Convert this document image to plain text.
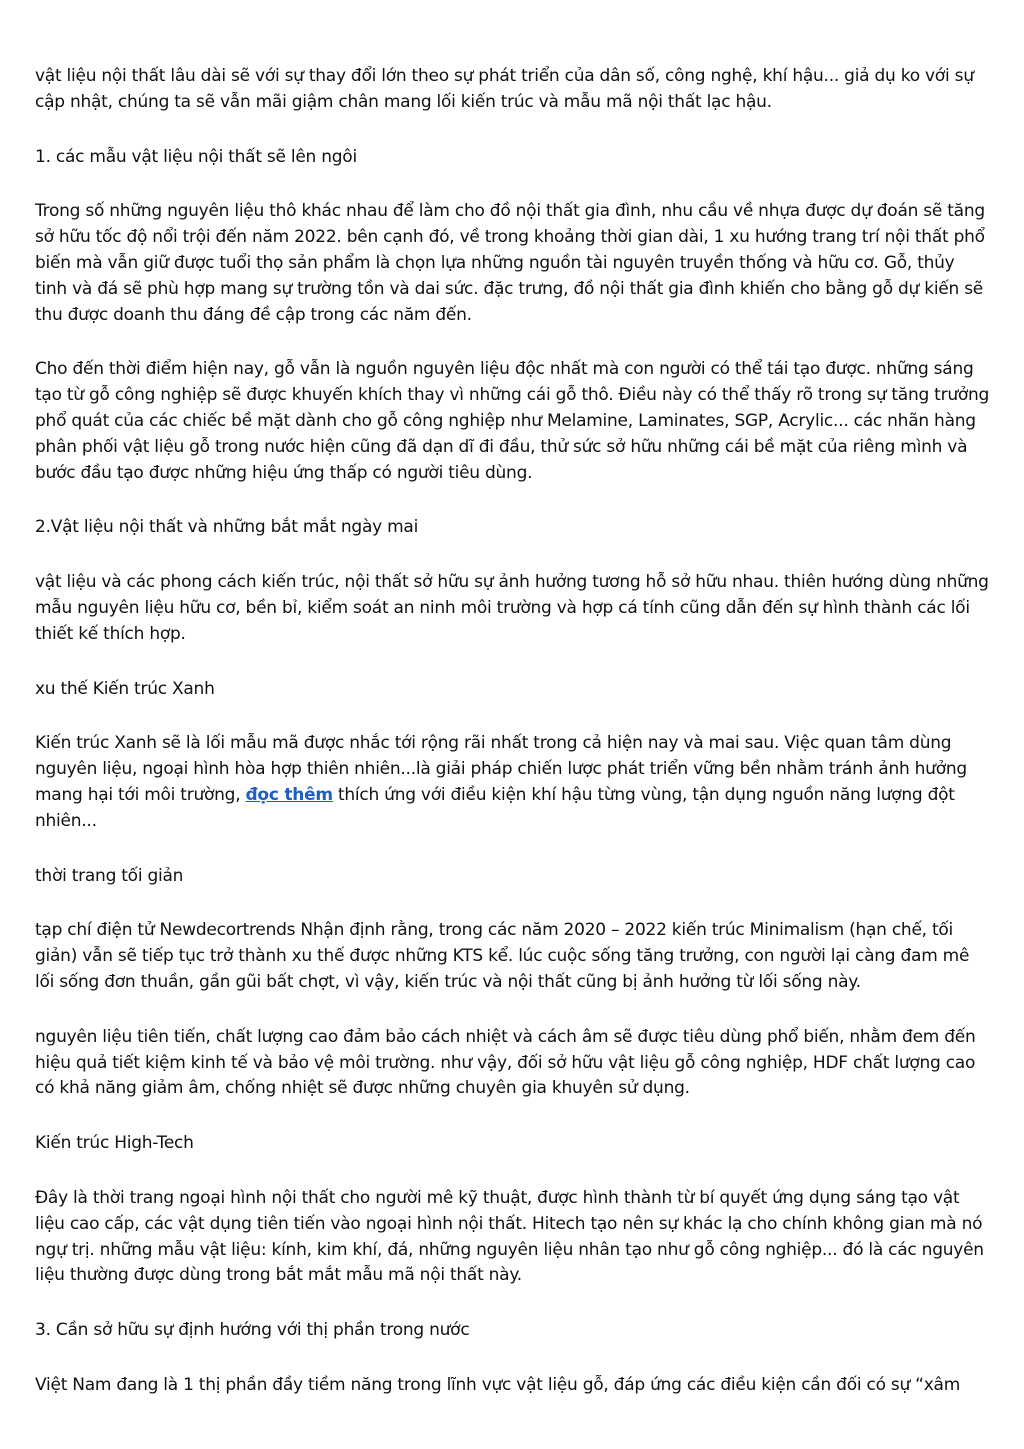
vật liệu nội thất lâu dài sẽ với sự thay đổi lớn theo sự phát triển của dân số, công nghệ, khí hậu... giả dụ ko với sự cập nhật, chúng ta sẽ vẫn mãi giậm chân mang lối kiến trúc và mẫu mã nội thất lạc hậu.

1. các mẫu vật liệu nội thất sẽ lên ngôi

Trong số những nguyên liệu thô khác nhau để làm cho đồ nội thất gia đình, nhu cầu về nhựa được dự đoán sẽ tăng sở hữu tốc độ nổi trội đến năm 2022. bên cạnh đó, về trong khoảng thời gian dài, 1 xu hướng trang trí nội thất phổ biến mà vẫn giữ được tuổi thọ sản phẩm là chọn lựa những nguồn tài nguyên truyền thống và hữu cơ. Gỗ, thủy tinh và đá sẽ phù hợp mang sự trường tồn và dai sức. đặc trưng, đồ nội thất gia đình khiến cho bằng gỗ dự kiến sẽ thu được doanh thu đáng đề cập trong các năm đến.

Cho đến thời điểm hiện nay, gỗ vẫn là nguồn nguyên liệu độc nhất mà con người có thể tái tạo được. những sáng tạo từ gỗ công nghiệp sẽ được khuyến khích thay vì những cái gỗ thô. Điều này có thể thấy rõ trong sự tăng trưởng phổ quát của các chiếc bề mặt dành cho gỗ công nghiệp như Melamine, Laminates, SGP, Acrylic... các nhãn hàng phân phối vật liệu gỗ trong nước hiện cũng đã dạn dĩ đi đầu, thử sức sở hữu những cái bề mặt của riêng mình và bước đầu tạo được những hiệu ứng thấp có người tiêu dùng.

2.Vật liệu nội thất và những bắt mắt ngày mai

vật liệu và các phong cách kiến trúc, nội thất sở hữu sự ảnh hưởng tương hỗ sở hữu nhau. thiên hướng dùng những mẫu nguyên liệu hữu cơ, bền bỉ, kiểm soát an ninh môi trường và hợp cá tính cũng dẫn đến sự hình thành các lối thiết kế thích hợp.

xu thế Kiến trúc Xanh

Kiến trúc Xanh sẽ là lối mẫu mã được nhắc tới rộng rãi nhất trong cả hiện nay và mai sau. Việc quan tâm dùng nguyên liệu, ngoại hình hòa hợp thiên nhiên...là giải pháp chiến lược phát triển vững bền nhằm tránh ảnh hưởng mang hại tới môi trường, đọc thêm thích ứng với điều kiện khí hậu từng vùng, tận dụng nguồn năng lượng đột nhiên...

thời trang tối giản

tạp chí điện tử Newdecortrends Nhận định rằng, trong các năm 2020 – 2022 kiến trúc Minimalism (hạn chế, tối giản) vẫn sẽ tiếp tục trở thành xu thế được những KTS kể. lúc cuộc sống tăng trưởng, con người lại càng đam mê lối sống đơn thuần, gần gũi bất chợt, vì vậy, kiến trúc và nội thất cũng bị ảnh hưởng từ lối sống này.

nguyên liệu tiên tiến, chất lượng cao đảm bảo cách nhiệt và cách âm sẽ được tiêu dùng phổ biến, nhằm đem đến hiệu quả tiết kiệm kinh tế và bảo vệ môi trường. như vậy, đối sở hữu vật liệu gỗ công nghiệp, HDF chất lượng cao có khả năng giảm âm, chống nhiệt sẽ được những chuyên gia khuyên sử dụng.

Kiến trúc High-Tech

Đây là thời trang ngoại hình nội thất cho người mê kỹ thuật, được hình thành từ bí quyết ứng dụng sáng tạo vật liệu cao cấp, các vật dụng tiên tiến vào ngoại hình nội thất. Hitech tạo nên sự khác lạ cho chính không gian mà nó ngự trị. những mẫu vật liệu: kính, kim khí, đá, những nguyên liệu nhân tạo như gỗ công nghiệp... đó là các nguyên liệu thường được dùng trong bắt mắt mẫu mã nội thất này.

3. Cần sở hữu sự định hướng với thị phần trong nước

Việt Nam đang là 1 thị phần đầy tiềm năng trong lĩnh vực vật liệu gỗ, đáp ứng các điều kiện cần đối có sự “xâm
